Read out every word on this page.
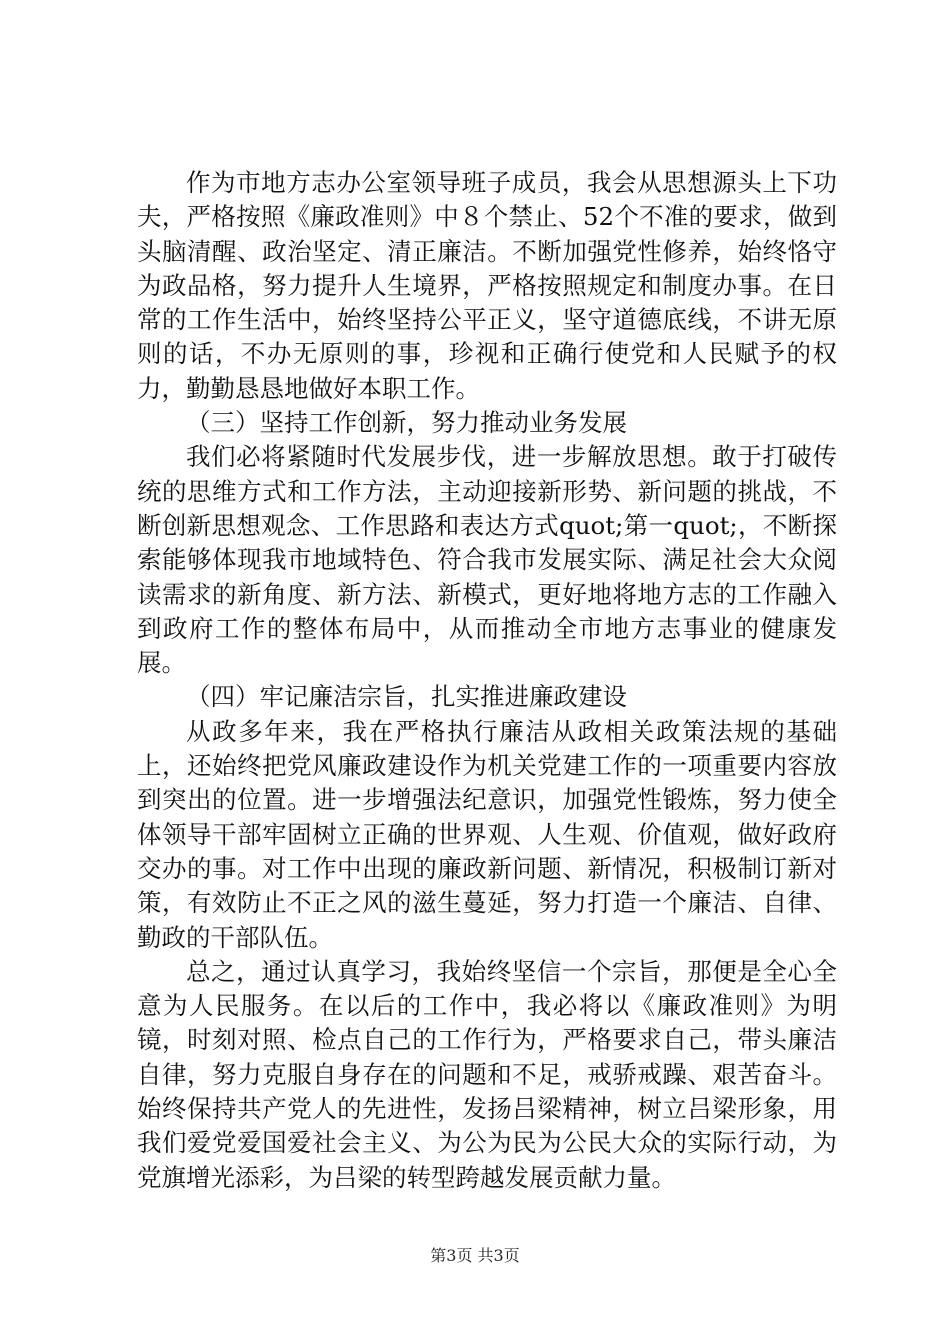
作为市地方志办公室领导班子成员，我会从思想源头上下功夫，严格按照《廉政准则》中８个禁止、52个不准的要求，做到头脑清醒、政治坚定、清正廉洁。不断加强党性修养，始终恪守为政品格，努力提升人生境界，严格按照规定和制度办事。在日常的工作生活中，始终坚持公平正义，坚守道德底线，不讲无原则的话，不办无原则的事，珍视和正确行使党和人民赋予的权力，勤勤恳恳地做好本职工作。

（三）坚持工作创新，努力推动业务发展

我们必将紧随时代发展步伐，进一步解放思想。敢于打破传统的思维方式和工作方法，主动迎接新形势、新问题的挑战，不断创新思想观念、工作思路和表达方式quot;第一quot;，不断探索能够体现我市地域特色、符合我市发展实际、满足社会大众阅读需求的新角度、新方法、新模式，更好地将地方志的工作融入到政府工作的整体布局中，从而推动全市地方志事业的健康发展。

（四）牢记廉洁宗旨，扎实推进廉政建设

从政多年来，我在严格执行廉洁从政相关政策法规的基础上，还始终把党风廉政建设作为机关党建工作的一项重要内容放到突出的位置。进一步增强法纪意识，加强党性锻炼，努力使全体领导干部牢固树立正确的世界观、人生观、价值观，做好政府交办的事。对工作中出现的廉政新问题、新情况，积极制订新对策，有效防止不正之风的滋生蔓延，努力打造一个廉洁、自律、勤政的干部队伍。

总之，通过认真学习，我始终坚信一个宗旨，那便是全心全意为人民服务。在以后的工作中，我必将以《廉政准则》为明镜，时刻对照、检点自己的工作行为，严格要求自己，带头廉洁自律，努力克服自身存在的问题和不足，戒骄戒躁、艰苦奋斗。始终保持共产党人的先进性，发扬吕梁精神，树立吕梁形象，用我们爱党爱国爱社会主义、为公为民为公民大众的实际行动，为党旗增光添彩，为吕梁的转型跨越发展贡献力量。

第3页 共3页
